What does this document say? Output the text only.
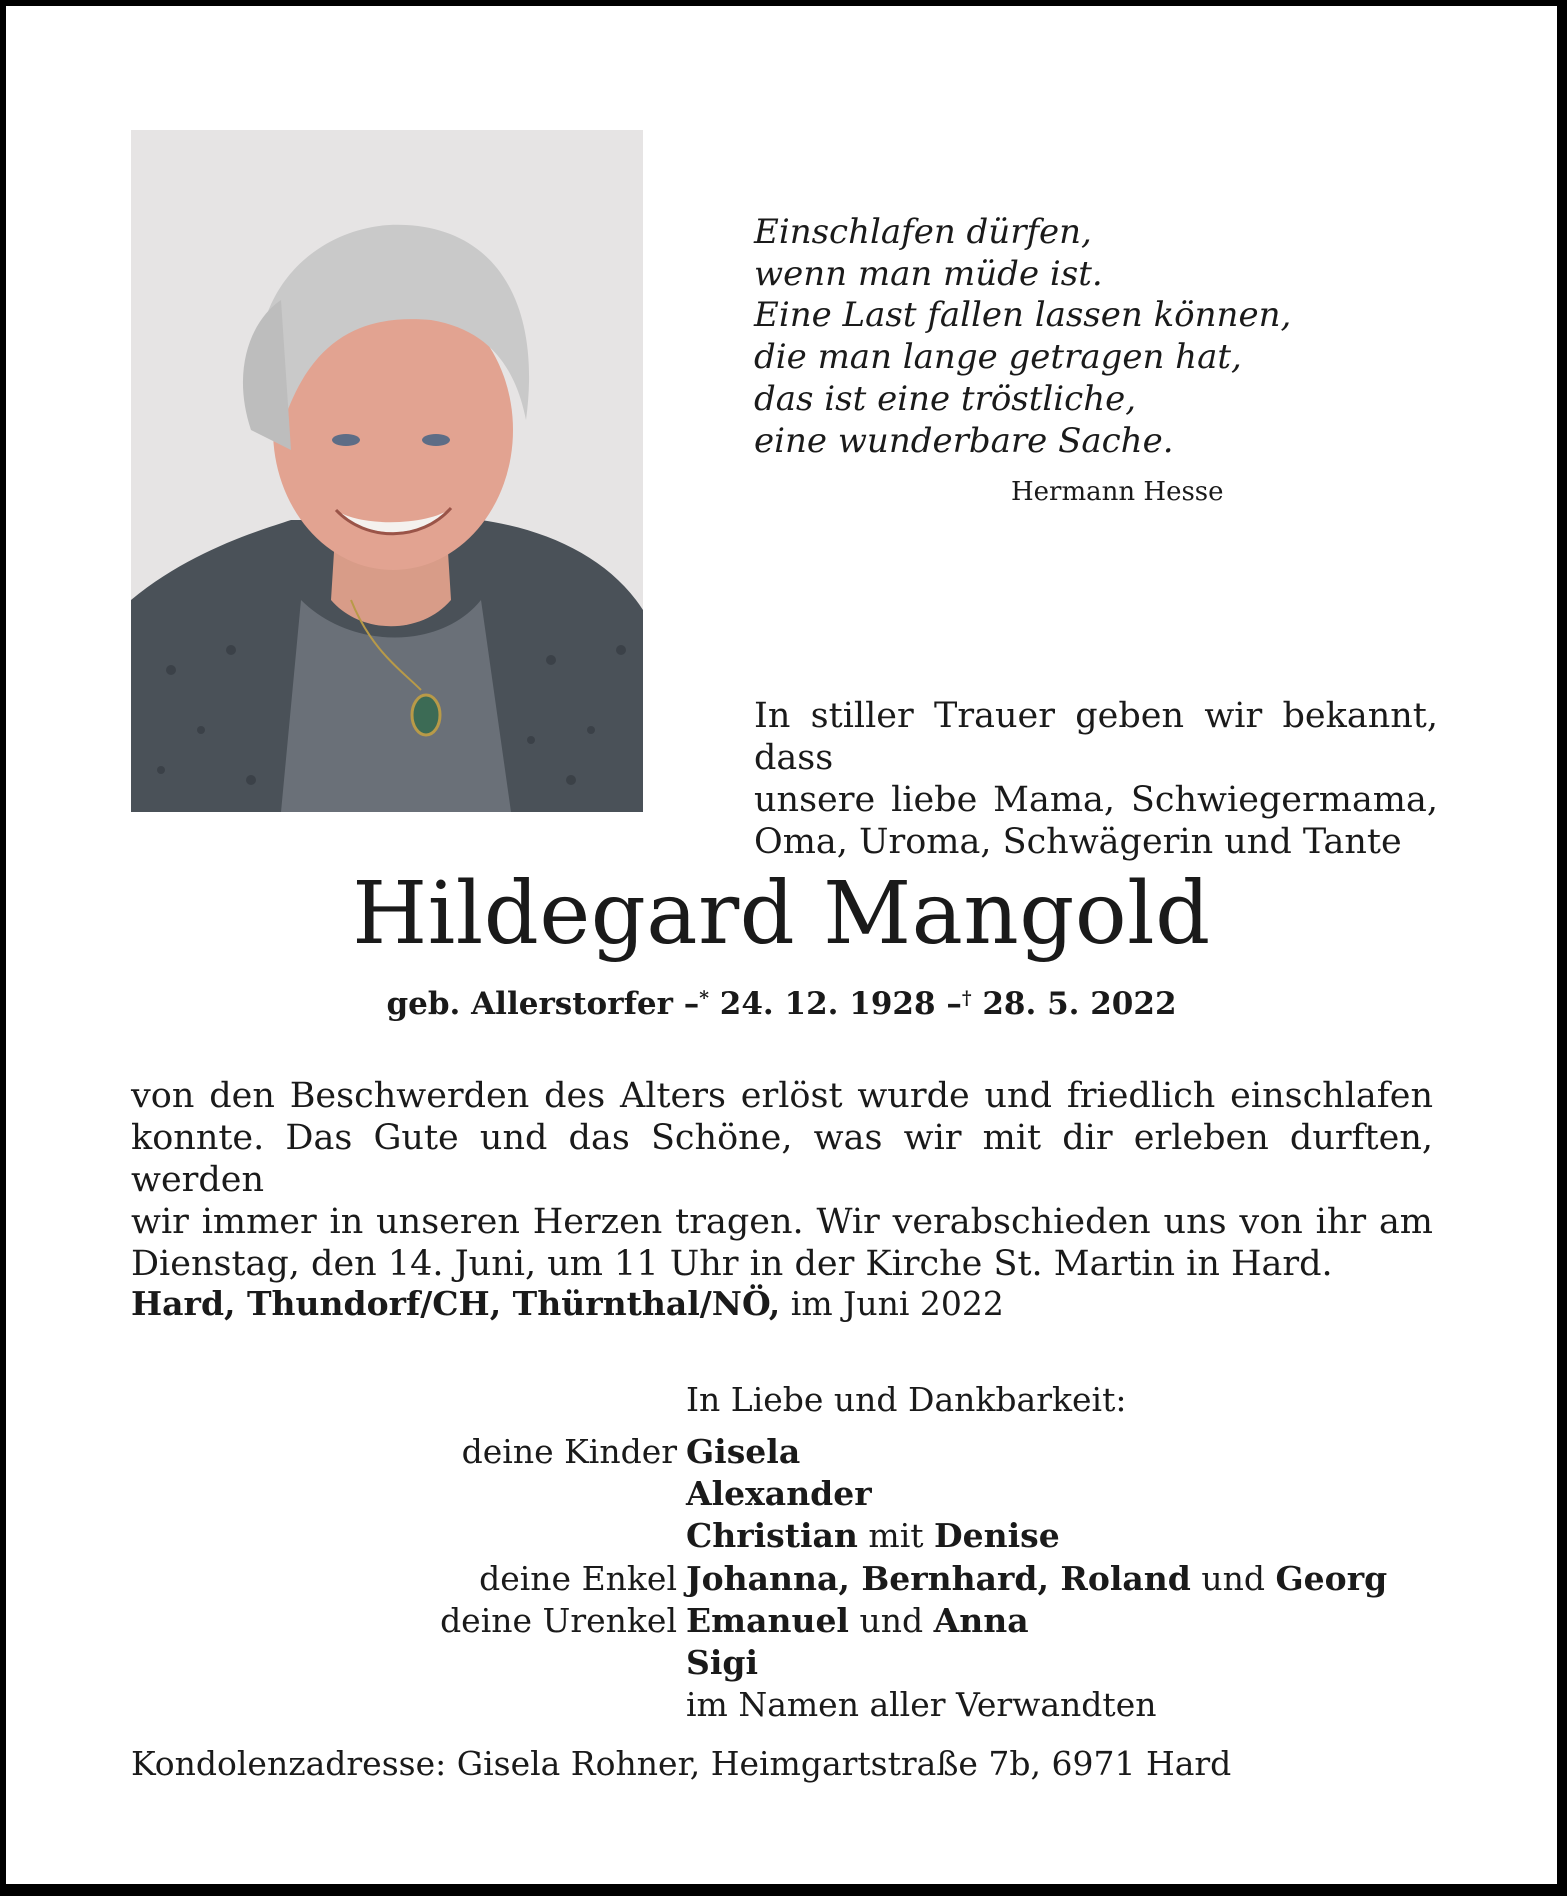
Einschlafen dürfen,
wenn man müde ist.
Eine Last fallen lassen können,
die man lange getragen hat,
das ist eine tröstliche,
eine wunderbare Sache.
Hermann Hesse
In stiller Trauer geben wir bekannt, dass
unsere liebe Mama, Schwiegermama,
Oma, Uroma, Schwägerin und Tante
Hildegard Mangold
geb. Allerstorfer –* 24. 12. 1928 –† 28. 5. 2022
von den Beschwerden des Alters erlöst wurde und friedlich einschlafen
konnte. Das Gute und das Schöne, was wir mit dir erleben durften, werden
wir immer in unseren Herzen tragen. Wir verabschieden uns von ihr am
Dienstag, den 14. Juni, um 11 Uhr in der Kirche St. Martin in Hard.
Hard, Thundorf/CH, Thürnthal/NÖ, im Juni 2022
In Liebe und Dankbarkeit:
deine Kinder Gisela
Alexander
Christian mit Denise
deine Enkel Johanna, Bernhard, Roland und Georg
deine Urenkel Emanuel und Anna
Sigi
im Namen aller Verwandten
Kondolenzadresse: Gisela Rohner, Heimgartstraße 7b, 6971 Hard
